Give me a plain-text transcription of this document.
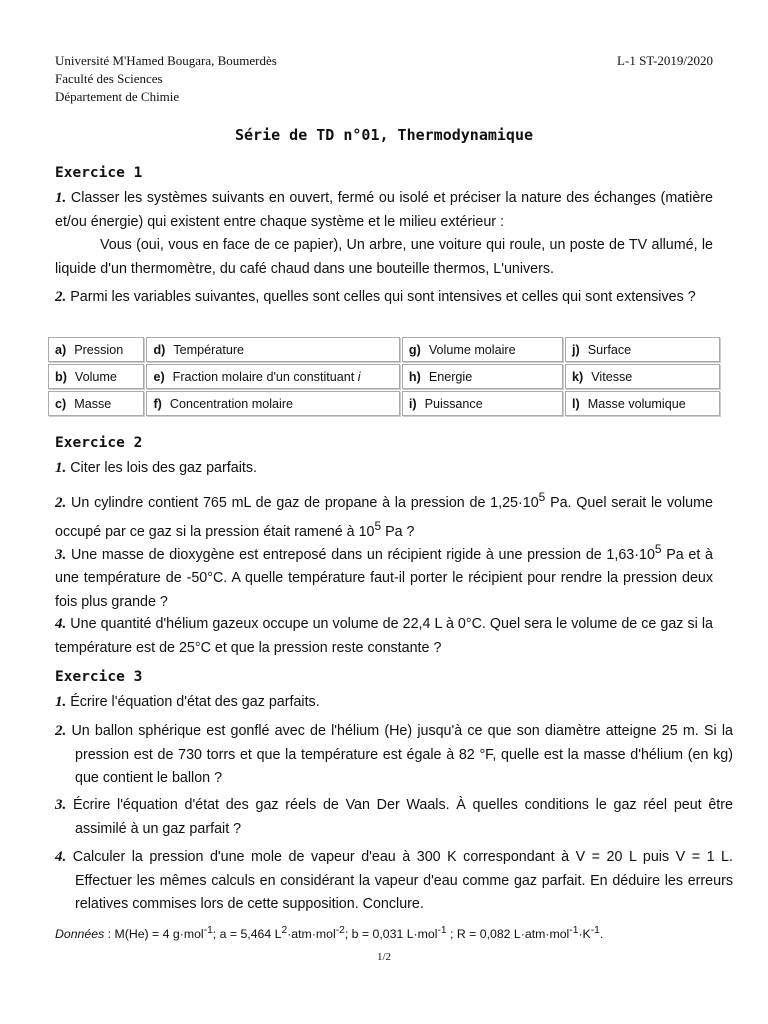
Université M'Hamed Bougara, Boumerdès
Faculté des Sciences
Département de Chimie
L-1 ST-2019/2020
Série de TD n°01, Thermodynamique
Exercice 1
1. Classer les systèmes suivants en ouvert, fermé ou isolé et préciser la nature des échanges (matière et/ou énergie) qui existent entre chaque système et le milieu extérieur :
Vous (oui, vous en face de ce papier), Un arbre, une voiture qui roule, un poste de TV allumé, le liquide d'un thermomètre, du café chaud dans une bouteille thermos, L'univers.
2. Parmi les variables suivantes, quelles sont celles qui sont intensives et celles qui sont extensives ?
a) Pression	d) Température	g) Volume molaire	j) Surface
b) Volume	e) Fraction molaire d'un constituant i	h) Energie	k) Vitesse
c) Masse	f) Concentration molaire	i) Puissance	l) Masse volumique
Exercice 2
1. Citer les lois des gaz parfaits.
2. Un cylindre contient 765 mL de gaz de propane à la pression de $1,25\cdot 10^5$ Pa. Quel serait le volume occupé par ce gaz si la pression était ramené à $10^5$ Pa ?
3. Une masse de dioxygène est entreposé dans un récipient rigide à une pression de $1,63\cdot 10^5$ Pa et à une température de -50°C. A quelle température faut-il porter le récipient pour rendre la pression deux fois plus grande ?
4. Une quantité d'hélium gazeux occupe un volume de 22,4 L à 0°C. Quel sera le volume de ce gaz si la température est de 25°C et que la pression reste constante ?
Exercice 3
1. Écrire l'équation d'état des gaz parfaits.
2. Un ballon sphérique est gonflé avec de l'hélium (He) jusqu'à ce que son diamètre atteigne 25 m. Si la pression est de 730 torrs et que la température est égale à 82 °F, quelle est la masse d'hélium (en kg) que contient le ballon ?
3. Écrire l'équation d'état des gaz réels de Van Der Waals. À quelles conditions le gaz réel peut être assimilé à un gaz parfait ?
4. Calculer la pression d'une mole de vapeur d'eau à 300 K correspondant à V = 20 L puis V = 1 L. Effectuer les mêmes calculs en considérant la vapeur d'eau comme gaz parfait. En déduire les erreurs relatives commises lors de cette supposition. Conclure.
Données : M(He) = 4 g·mol$^{-1}$; a = 5,464 $L^2\cdot atm\cdot mol^{-2}$; b = 0,031 L·mol$^{-1}$ ; R = 0,082 $L\cdot atm\cdot mol^{-1}\cdot K^{-1}$.
1/2
